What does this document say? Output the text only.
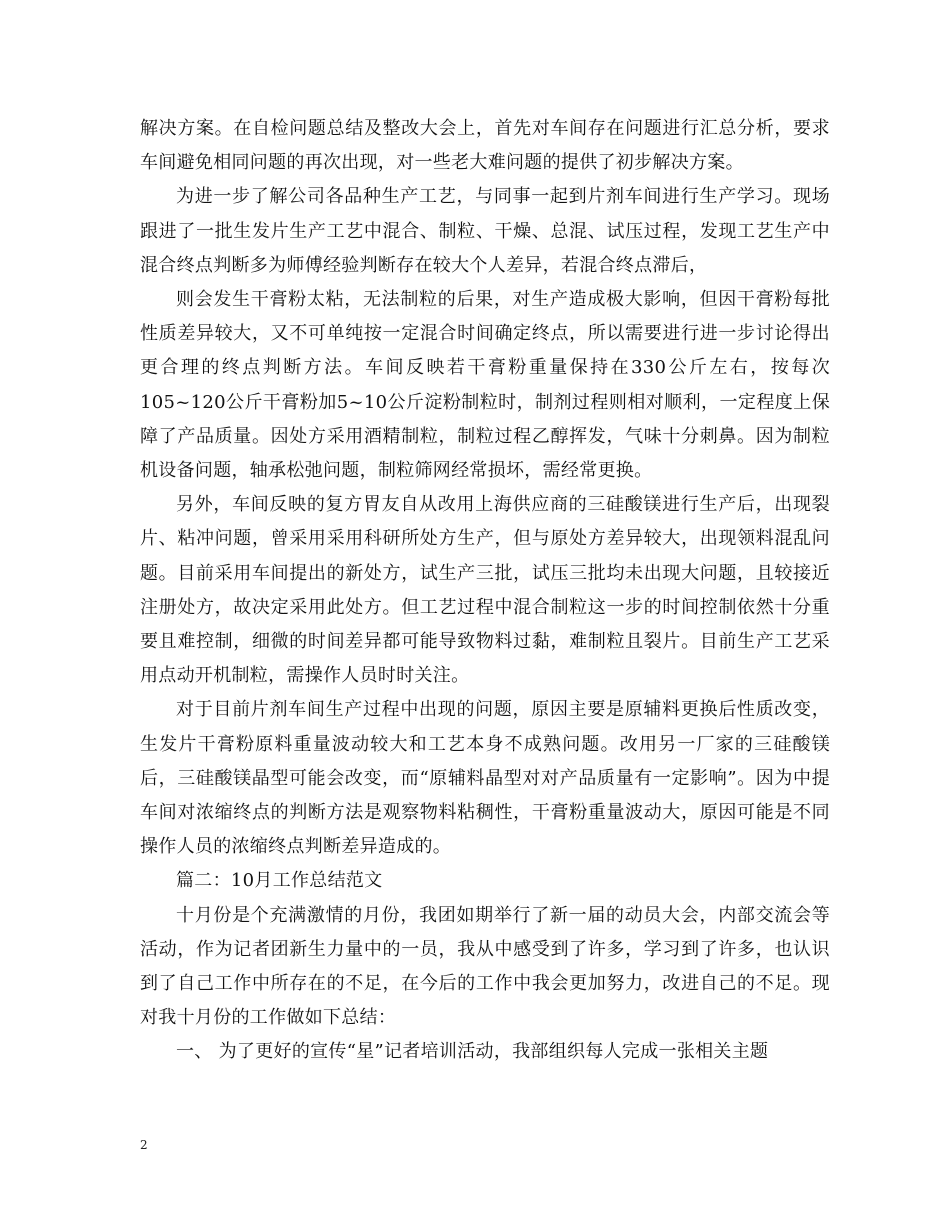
解决方案。在自检问题总结及整改大会上，首先对车间存在问题进行汇总分析，要求车间避免相同问题的再次出现，对一些老大难问题的提供了初步解决方案。

为进一步了解公司各品种生产工艺，与同事一起到片剂车间进行生产学习。现场跟进了一批生发片生产工艺中混合、制粒、干燥、总混、试压过程，发现工艺生产中混合终点判断多为师傅经验判断存在较大个人差异，若混合终点滞后，

则会发生干膏粉太粘，无法制粒的后果，对生产造成极大影响，但因干膏粉每批性质差异较大，又不可单纯按一定混合时间确定终点，所以需要进行进一步讨论得出更合理的终点判断方法。车间反映若干膏粉重量保持在330公斤左右，按每次105~120公斤干膏粉加5~10公斤淀粉制粒时，制剂过程则相对顺利，一定程度上保障了产品质量。因处方采用酒精制粒，制粒过程乙醇挥发，气味十分刺鼻。因为制粒机设备问题，轴承松弛问题，制粒筛网经常损坏，需经常更换。

另外，车间反映的复方胃友自从改用上海供应商的三硅酸镁进行生产后，出现裂片、粘冲问题，曾采用采用科研所处方生产，但与原处方差异较大，出现领料混乱问题。目前采用车间提出的新处方，试生产三批，试压三批均未出现大问题，且较接近注册处方，故决定采用此处方。但工艺过程中混合制粒这一步的时间控制依然十分重要且难控制，细微的时间差异都可能导致物料过黏，难制粒且裂片。目前生产工艺采用点动开机制粒，需操作人员时时关注。

对于目前片剂车间生产过程中出现的问题，原因主要是原辅料更换后性质改变，生发片干膏粉原料重量波动较大和工艺本身不成熟问题。改用另一厂家的三硅酸镁后，三硅酸镁晶型可能会改变，而“原辅料晶型对对产品质量有一定影响”。因为中提车间对浓缩终点的判断方法是观察物料粘稠性，干膏粉重量波动大，原因可能是不同操作人员的浓缩终点判断差异造成的。

篇二：10月工作总结范文

十月份是个充满激情的月份，我团如期举行了新一届的动员大会，内部交流会等活动，作为记者团新生力量中的一员，我从中感受到了许多，学习到了许多，也认识到了自己工作中所存在的不足，在今后的工作中我会更加努力，改进自己的不足。现对我十月份的工作做如下总结：

一、 为了更好的宣传“星”记者培训活动，我部组织每人完成一张相关主题

2
